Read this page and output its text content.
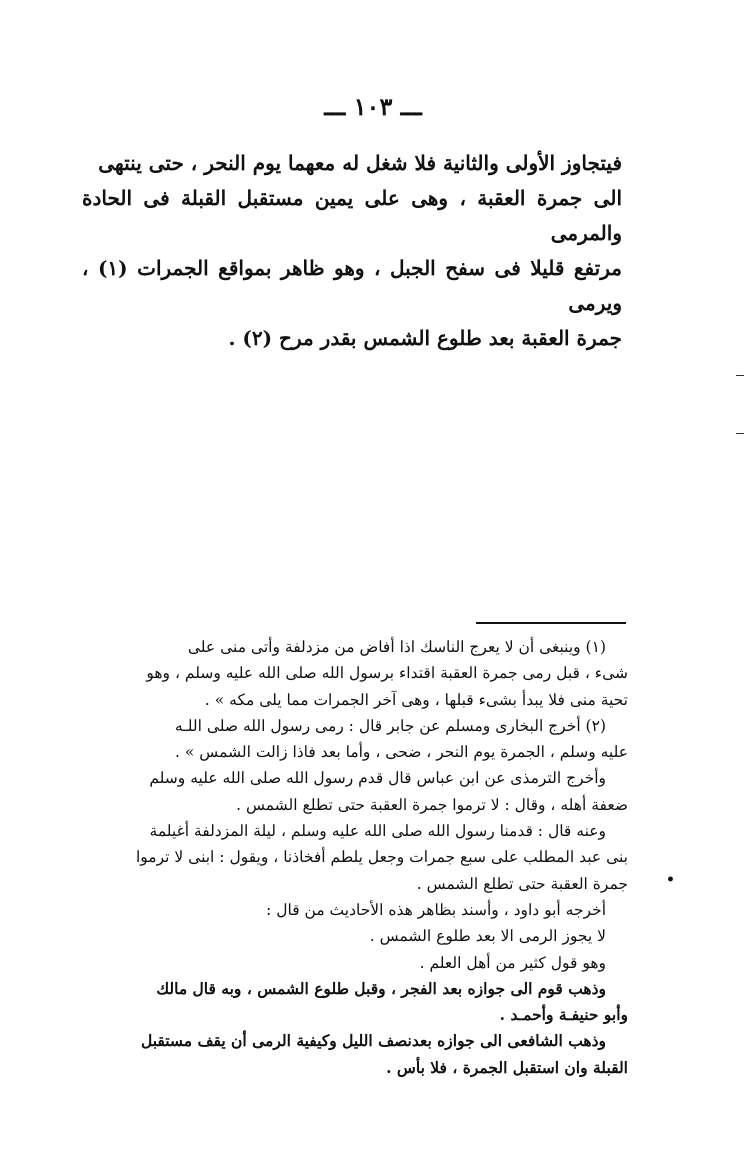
ـــ ١٠٣ ـــ

فيتجاوز الأولى والثانية فلا شغل له معهما يوم النحر ، حتى ينتهى

الى جمرة العقبة ، وهى على يمين مستقبل القبلة فى الحادة والمرمى

مرتفع قليلا فى سفح الجبل ، وهو ظاهر بمواقع الجمرات (١) ، ويرمى

جمرة العقبة بعد طلوع الشمس بقدر مرح (٢) .

(١) وينبغى أن لا يعرج الناسك اذا أفاض من مزدلفة وأتى منى على

شىء ، قبل رمى جمرة العقبة اقتداء برسول الله صلى الله عليه وسلم ، وهو

تحية منى فلا يبدأ بشىء قبلها ، وهى آخر الجمرات مما يلى مكه » .

(٢) أخرج البخارى ومسلم عن جابر قال : رمى رسول الله صلى اللـه

عليه وسلم ، الجمرة يوم النحر ، ضحى ، وأما بعد فاذا زالت الشمس » .

وأخرج الترمذى عن ابن عباس قال قدم رسول الله صلى الله عليه وسلم

ضعفة أهله ، وقال : لا ترموا جمرة العقبة حتى تطلع الشمس .

وعنه قال : قدمنا رسول الله صلى الله عليه وسلم ، ليلة المزدلفة أغيلمة

بنى عبد المطلب على سبع جمرات وجعل يلطم أفخاذنا ، ويقول : ابنى لا ترموا

جمرة العقبة حتى تطلع الشمس .

أخرجه أبو داود ، وأسند بظاهر هذه الأحاديث من قال :

لا يجوز الرمى الا بعد طلوع الشمس .

وهو قول كثير من أهل العلم .

وذهب قوم الى جوازه بعد الفجر ، وقبل طلوع الشمس ، وبه قال مالك

وأبو حنيفـة وأحمـد .

وذهب الشافعى الى جوازه بعدنصف الليل وكيفية الرمى أن يقف مستقبل

القبلة وان استقبل الجمرة ، فلا بأس .

•
